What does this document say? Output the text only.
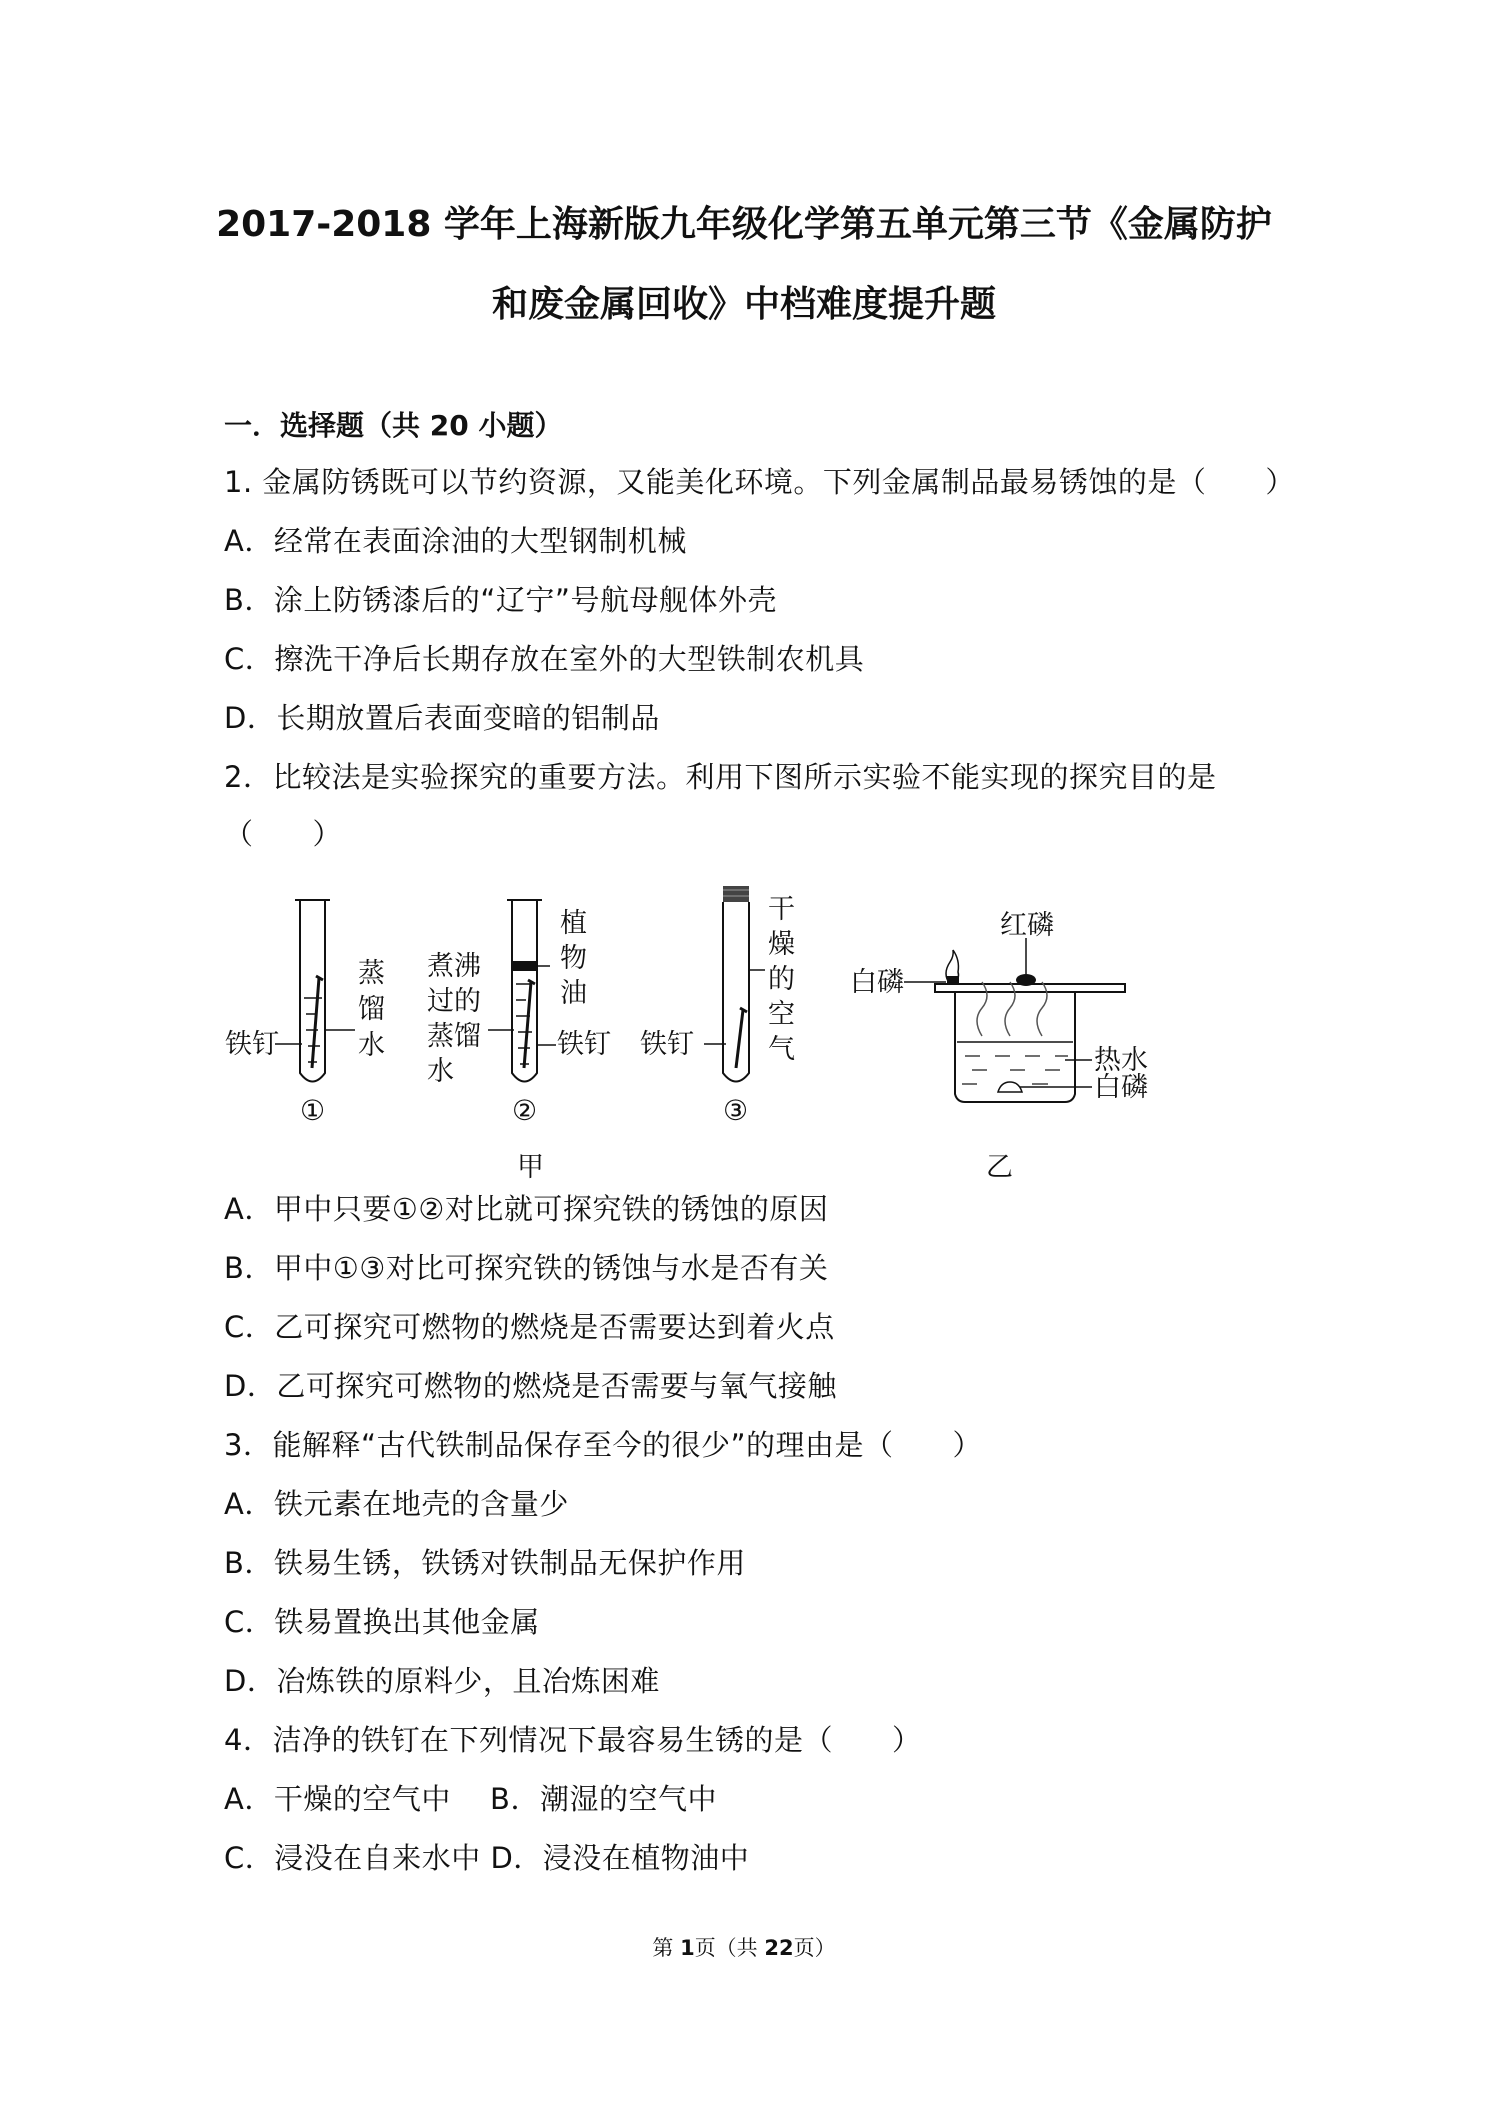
2017-2018 学年上海新版九年级化学第五单元第三节《金属防护
和废金属回收》中档难度提升题
一．选择题（共 20 小题）
1. 金属防锈既可以节约资源，又能美化环境。下列金属制品最易锈蚀的是（　　）
A．经常在表面涂油的大型钢制机械
B．涂上防锈漆后的“辽宁”号航母舰体外壳
C．擦洗干净后长期存放在室外的大型铁制农机具
D．长期放置后表面变暗的铝制品
2．比较法是实验探究的重要方法。利用下图所示实验不能实现的探究目的是
（　　）
铁钉
蒸
馏
水
①
煮沸
过的
蒸馏
水
植
物
油
铁钉
②
铁钉
干
燥
的
空
气
③
甲
红磷
白磷
热水
白磷
乙
A．甲中只要①②对比就可探究铁的锈蚀的原因
B．甲中①③对比可探究铁的锈蚀与水是否有关
C．乙可探究可燃物的燃烧是否需要达到着火点
D．乙可探究可燃物的燃烧是否需要与氧气接触
3．能解释“古代铁制品保存至今的很少”的理由是（　　）
A．铁元素在地壳的含量少
B．铁易生锈，铁锈对铁制品无保护作用
C．铁易置换出其他金属
D．冶炼铁的原料少，且冶炼困难
4．洁净的铁钉在下列情况下最容易生锈的是（　　）
A．干燥的空气中　 B．潮湿的空气中
C．浸没在自来水中 D．浸没在植物油中
第 1页（共 22页）
